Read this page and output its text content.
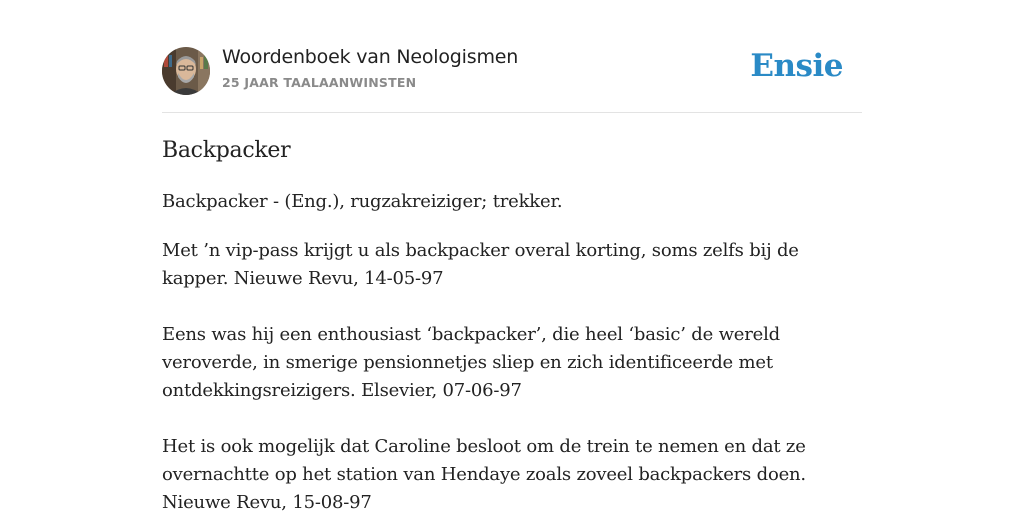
Woordenboek van Neologismen
25 JAAR TAALAANWINSTEN	Ensie
Backpacker
Backpacker - (Eng.), rugzakreiziger; trekker.

Met ’n vip-pass krijgt u als backpacker overal korting, soms zelfs bij de kapper. Nieuwe Revu, 14-05-97

Eens was hij een enthousiast ‘backpacker’, die heel ‘basic’ de wereld veroverde, in smerige pensionnetjes sliep en zich identificeerde met ontdekkingsreizigers. Elsevier, 07-06-97

Het is ook mogelijk dat Caroline besloot om de trein te nemen en dat ze overnachtte op het station van Hendaye zoals zoveel backpackers doen. Nieuwe Revu, 15-08-97
